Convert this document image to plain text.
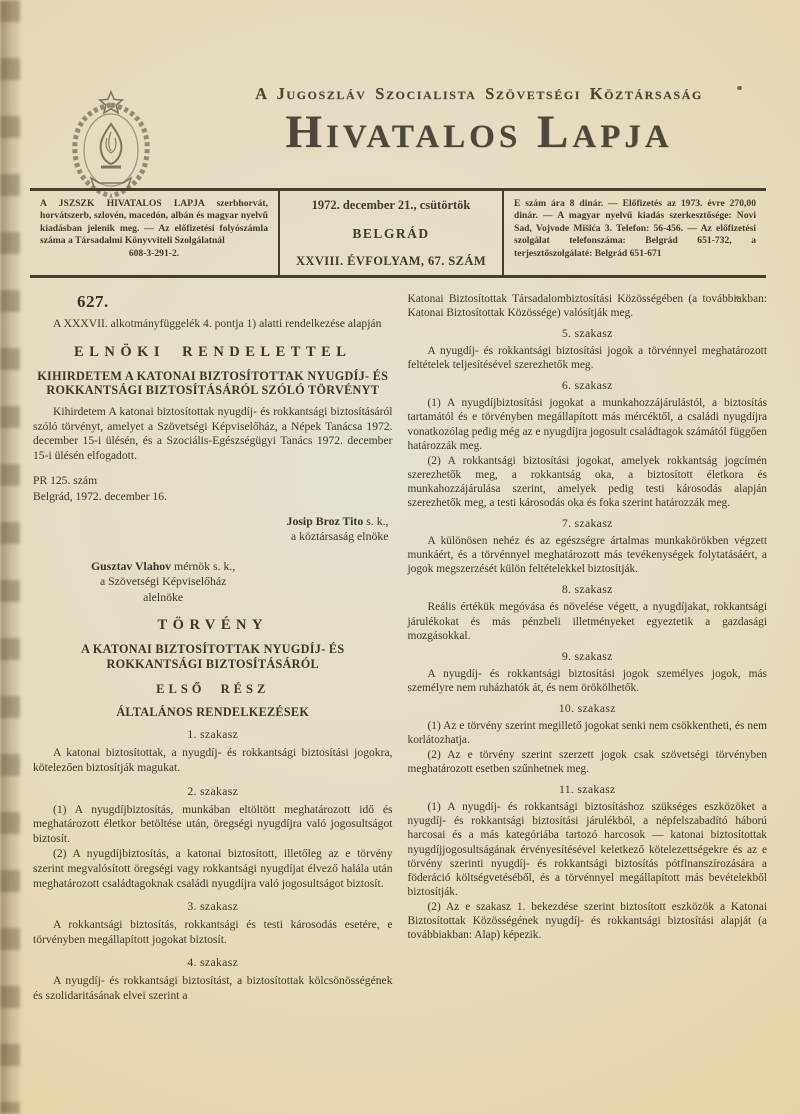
A Jugoszláv Szocialista Szövetségi Köztársaság
Hivatalos Lapja
A JSZSZK HIVATALOS LAPJA szerbhorvát, horvátszerb, szlovén, macedón, albán és magyar nyelvű kiadásban jelenik meg. — Az előfizetési folyószámla száma a Társadalmi Könyvviteli Szolgálatnál
608-3-291-2.
1972. december 21., csütörtök
BELGRÁD
XXVIII. ÉVFOLYAM, 67. SZÁM
E szám ára 8 dinár. — Előfizetés az 1973. évre 270,00 dinár. — A magyar nyelvű kiadás szerkesztősége: Novi Sad, Vojvode Mišića 3. Telefon: 56-456. — Az előfizetési szolgálat telefonszáma: Belgrád 651-732, a terjesztőszolgálaté: Belgrád 651-671
627.
A XXXVII. alkotmányfüggelék 4. pontja 1) alatti rendelkezése alapján
ELNÖKI RENDELETTEL
KIHIRDETEM A KATONAI BIZTOSÍTOTTAK NYUGDÍJ- ÉS ROKKANTSÁGI BIZTOSÍTÁSÁRÓL SZÓLÓ TÖRVÉNYT
Kihirdetem A katonai biztosítottak nyugdíj- és rokkantsági biztosításáról szóló törvényt, amelyet a Szövetségi Képviselőház, a Népek Tanácsa 1972. december 15-i ülésén, és a Szociális-Egészségügyi Tanács 1972. december 15-i ülésén elfogadott.
PR 125. szám
Belgrád, 1972. december 16.
Josip Broz Tito s. k.,
a köztársaság elnöke
Gusztav Vlahov mérnök s. k.,
a Szövetségi Képviselőház
alelnöke
TÖRVÉNY
A KATONAI BIZTOSÍTOTTAK NYUGDÍJ- ÉS ROKKANTSÁGI BIZTOSÍTÁSÁRÓL
ELSŐ RÉSZ
ÁLTALÁNOS RENDELKEZÉSEK
1. szakasz
A katonai biztosítottak, a nyugdíj- és rokkantsági biztosítási jogokra, kötelezően biztosítják magukat.
2. szakasz
(1) A nyugdíjbiztosítás, munkában eltöltött meghatározott idő és meghatározott életkor betöltése után, öregségi nyugdíjra való jogosultságot biztosít.
(2) A nyugdíjbiztosítás, a katonai biztosított, illetőleg az e törvény szerint megvalósított öregségi vagy rokkantsági nyugdíjat élvező halála után meghatározott családtagoknak családi nyugdíjra való jogosultságot biztosít.
3. szakasz
A rokkantsági biztosítás, rokkantsági és testi károsodás esetére, e törvényben megállapított jogokat biztosít.
4. szakasz
A nyugdíj- és rokkantsági biztosítást, a biztosítottak kölcsönösségének és szolidaritásának elvei szerint a
Katonai Biztosítottak Társadalombiztosítási Közösségében (a továbbiakban: Katonai Biztosítottak Közössége) valósítják meg.
5. szakasz
A nyugdíj- és rokkantsági biztosítási jogok a törvénnyel meghatározott feltételek teljesítésével szerezhetők meg.
6. szakasz
(1) A nyugdíjbiztosítási jogokat a munkahozzájárulástól, a biztosítás tartamától és e törvényben megállapított más mércéktől, a családi nyugdíjra vonatkozólag pedig még az e nyugdíjra jogosult családtagok számától függően határozzák meg.
(2) A rokkantsági biztosítási jogokat, amelyek rokkantság jogcímén szerezhetők meg, a rokkantság oka, a biztosított életkora és munkahozzájárulása szerint, amelyek pedig testi károsodás alapján szerezhetők meg, a testi károsodás oka és foka szerint határozzák meg.
7. szakasz
A különösen nehéz és az egészségre ártalmas munkakörökben végzett munkáért, és a törvénnyel meghatározott más tevékenységek folytatásáért, a jogok megszerzését külön feltételekkel biztosítják.
8. szakasz
Reális értékük megóvása és növelése végett, a nyugdíjakat, rokkantsági járulékokat és más pénzbeli illetményeket egyeztetik a gazdasági mozgásokkal.
9. szakasz
A nyugdíj- és rokkantsági biztosítási jogok személyes jogok, más személyre nem ruházhatók át, és nem örökölhetők.
10. szakasz
(1) Az e törvény szerint megillető jogokat senki nem csökkentheti, és nem korlátozhatja.
(2) Az e törvény szerint szerzett jogok csak szövetségi törvényben meghatározott esetben szűnhetnek meg.
11. szakasz
(1) A nyugdíj- és rokkantsági biztosításhoz szükséges eszközöket a nyugdíj- és rokkantsági biztosítási járulékból, a népfelszabadító háború harcosai és a más kategóriába tartozó harcosok — katonai biztosítottak nyugdíjjogosultságának érvényesítésével keletkező kötelezettségekre és az e törvény szerinti nyugdíj- és rokkantsági biztosítás pótfinanszírozására a föderáció költségvetéséből, és a törvénnyel megállapított más bevételekből biztosítják.
(2) Az e szakasz 1. bekezdése szerint biztosított eszközök a Katonai Biztosítottak Közösségének nyugdíj- és rokkantsági biztosítási alapját (a továbbiakban: Alap) képezik.
